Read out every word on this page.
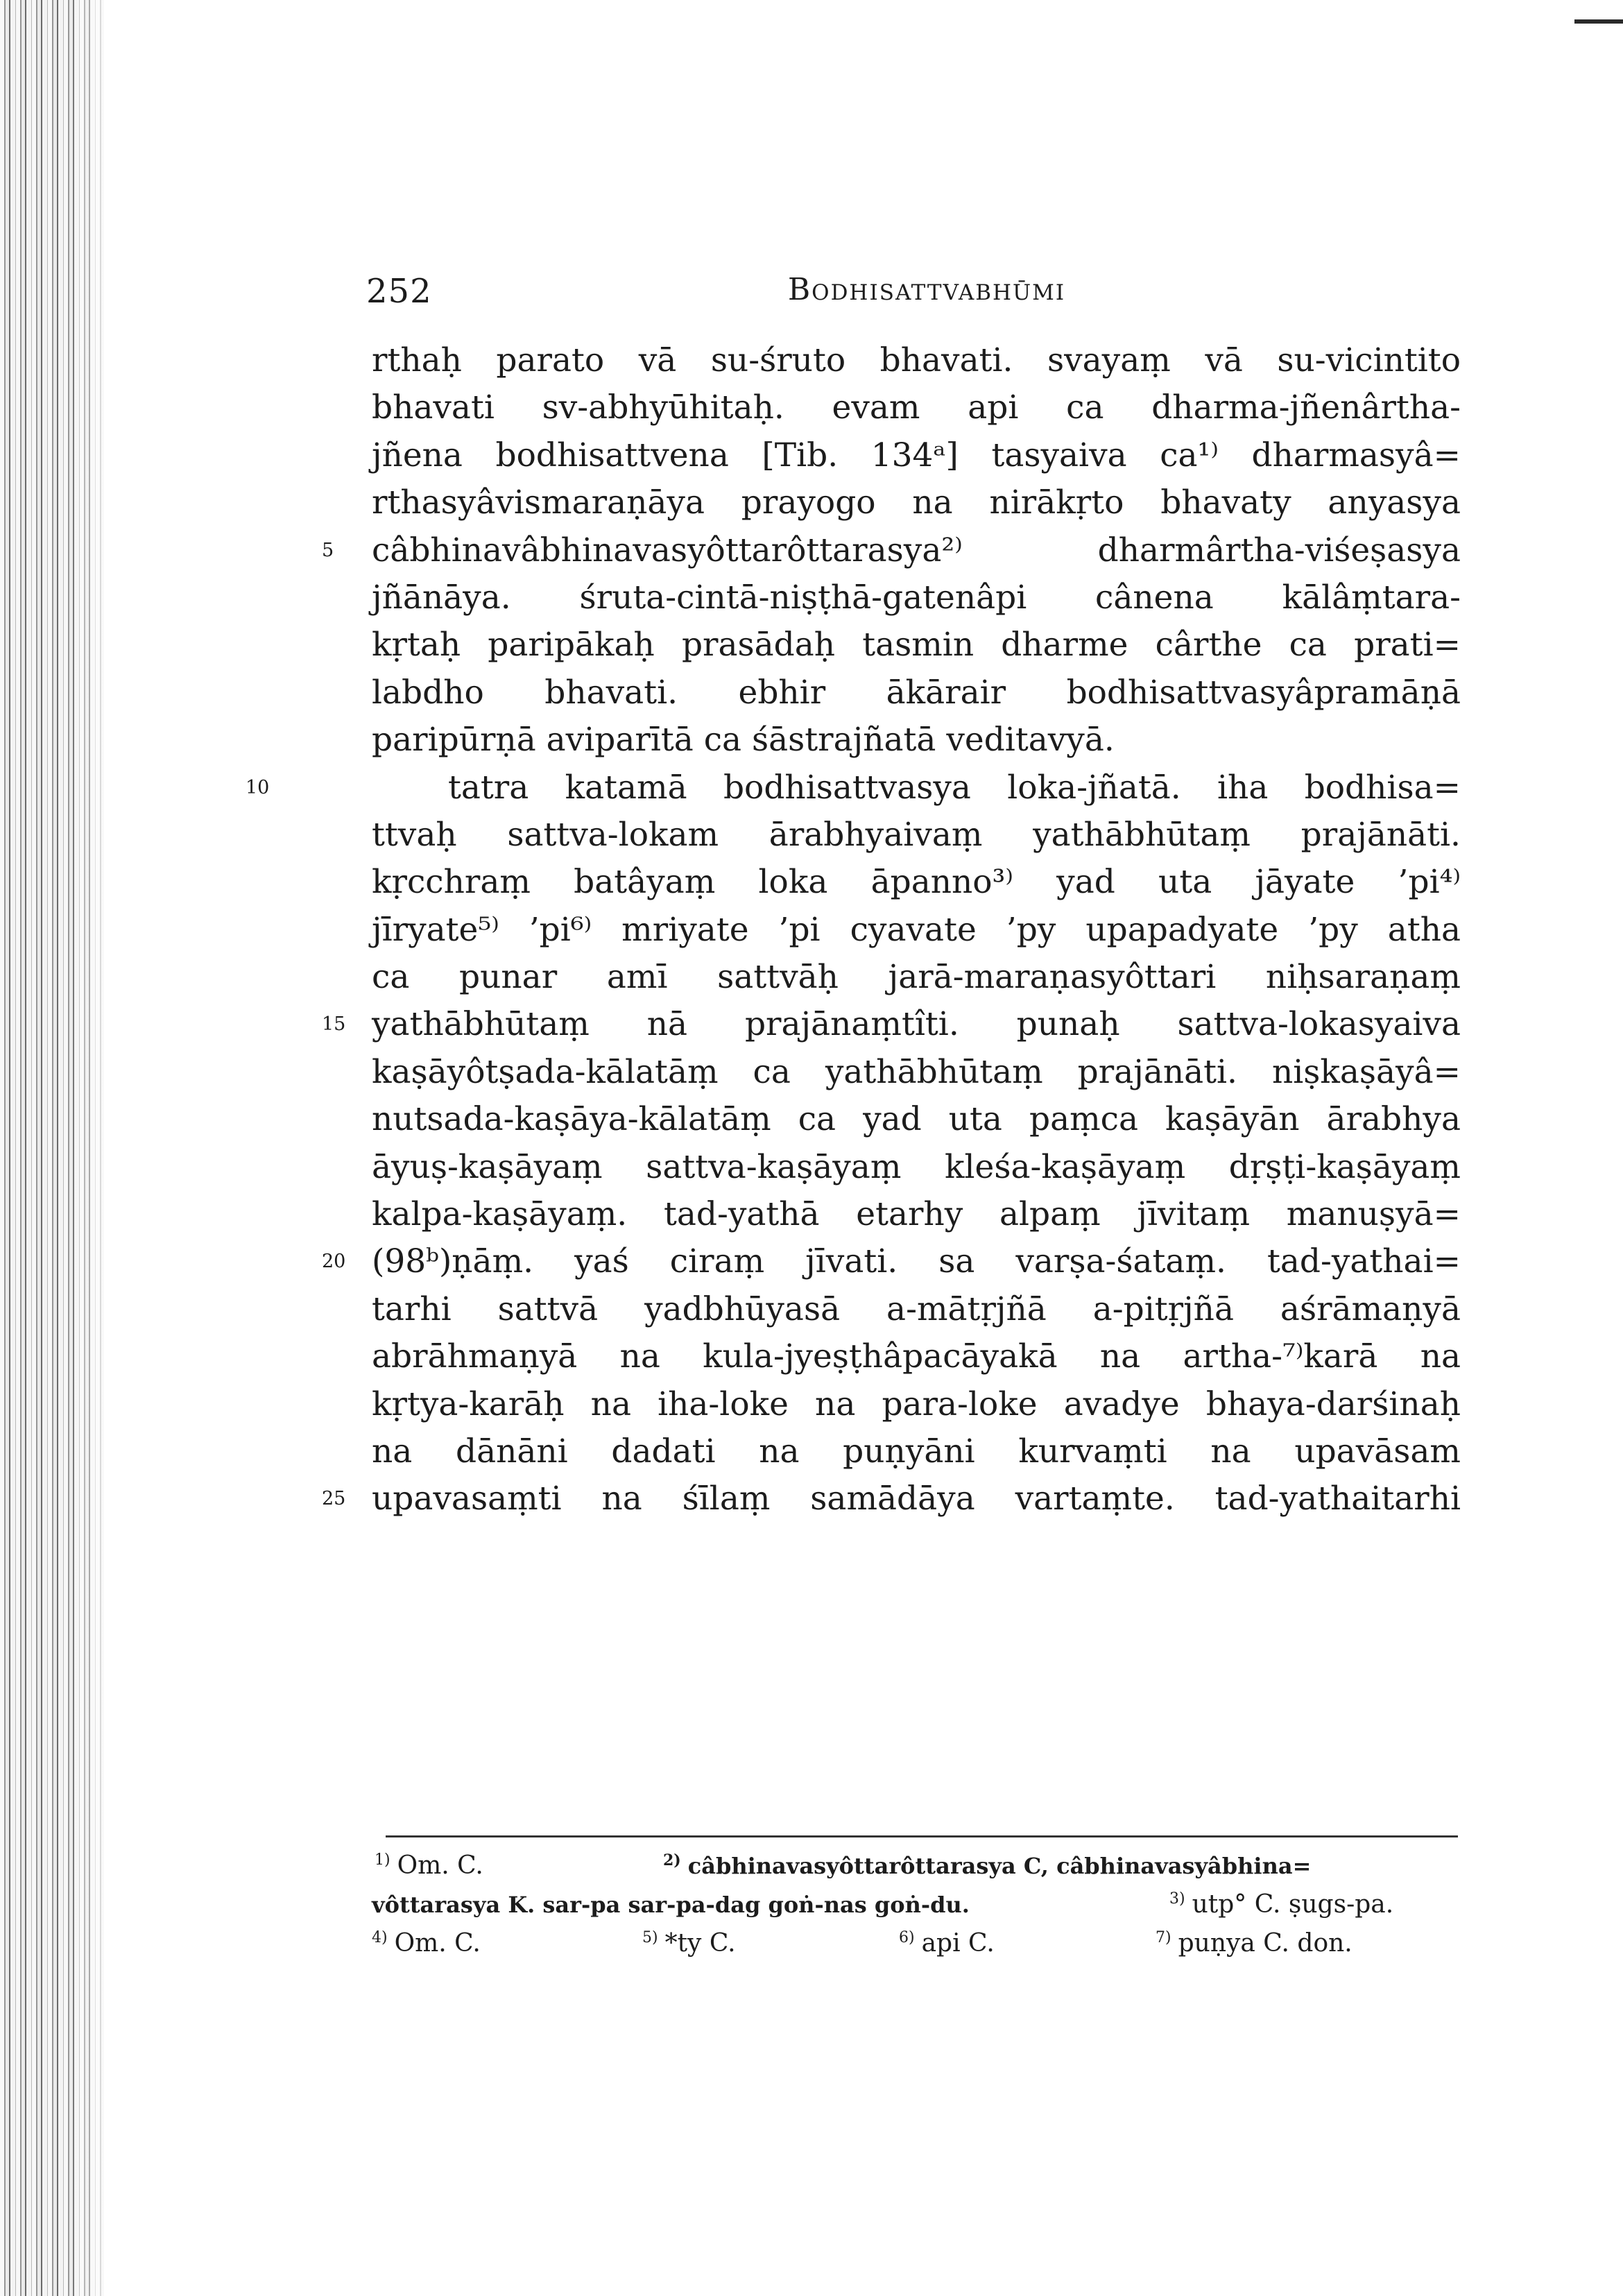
252	Bodhisattvabhūmi
rthaḥ parato vā su-śruto bhavati. svayaṃ vā su-vicintito
bhavati sv-abhyūhitaḥ. evam api ca dharma-jñenârtha-
jñena bodhisattvena [Tib. 134ᵃ] tasyaiva ca¹⁾ dharmasyâ=
rthasyâvismaraṇāya prayogo na nirākṛto bhavaty anyasya
5	câbhinavâbhinavasyôttarôttarasya²⁾ dharmârtha-viśeṣasya
jñānāya. śruta-cintā-niṣṭhā-gatenâpi cânena kālâṃtara-
kṛtaḥ paripākaḥ prasādaḥ tasmin dharme cârthe ca prati=
labdho bhavati. ebhir ākārair bodhisattvasyâpramāṇā
paripūrṇā aviparītā ca śāstrajñatā veditavyā.
10	tatra katamā bodhisattvasya loka-jñatā. iha bodhisa=
ttvaḥ sattva-lokam ārabhyaivaṃ yathābhūtaṃ prajānāti.
kṛcchraṃ batâyaṃ loka āpanno³⁾ yad uta jāyate ’pi⁴⁾
jīryate⁵⁾ ’pi⁶⁾ mriyate ’pi cyavate ’py upapadyate ’py atha
ca punar amī sattvāḥ jarā-maraṇasyôttari niḥsaraṇaṃ
15 yathābhūtaṃ nā prajānaṃtîti. punaḥ sattva-lokasyaiva
kaṣāyôtṣada-kālatāṃ ca yathābhūtaṃ prajānāti. niṣkaṣāyâ=
nutsada-kaṣāya-kālatāṃ ca yad uta paṃca kaṣāyān ārabhya
āyuṣ-kaṣāyaṃ sattva-kaṣāyaṃ kleśa-kaṣāyaṃ dṛṣṭi-kaṣāyaṃ
kalpa-kaṣāyaṃ. tad-yathā etarhy alpaṃ jīvitaṃ manuṣyā=
20 (98ᵇ)ṇāṃ. yaś ciraṃ jīvati. sa varṣa-śataṃ. tad-yathai=
tarhi sattvā yadbhūyasā a-mātṛjñā a-pitṛjñā aśrāmaṇyā
abrāhmaṇyā na kula-jyeṣṭhâpacāyakā na artha-⁷⁾karā na
kṛtya-karāḥ na iha-loke na para-loke avadye bhaya-darśinaḥ
na dānāni dadati na puṇyāni kurvaṃti na upavāsam
25 upavasaṃti na śīlaṃ samādāya vartaṃte. tad-yathaitarhi
$^{1)}$ Om. C.	$^{2)}$ câbhinavasyôttarôttarasya C, câbhinavasyâbhina=
vôttarasya K. sar-pa sar-pa-dag goṅ-nas goṅ-du.	$^{3)}$ utp° C. ṣugs-pa.
$^{4)}$ Om. C.	$^{5)}$ *ty C.	$^{6)}$ api C.	$^{7)}$ puṇya C. don.
